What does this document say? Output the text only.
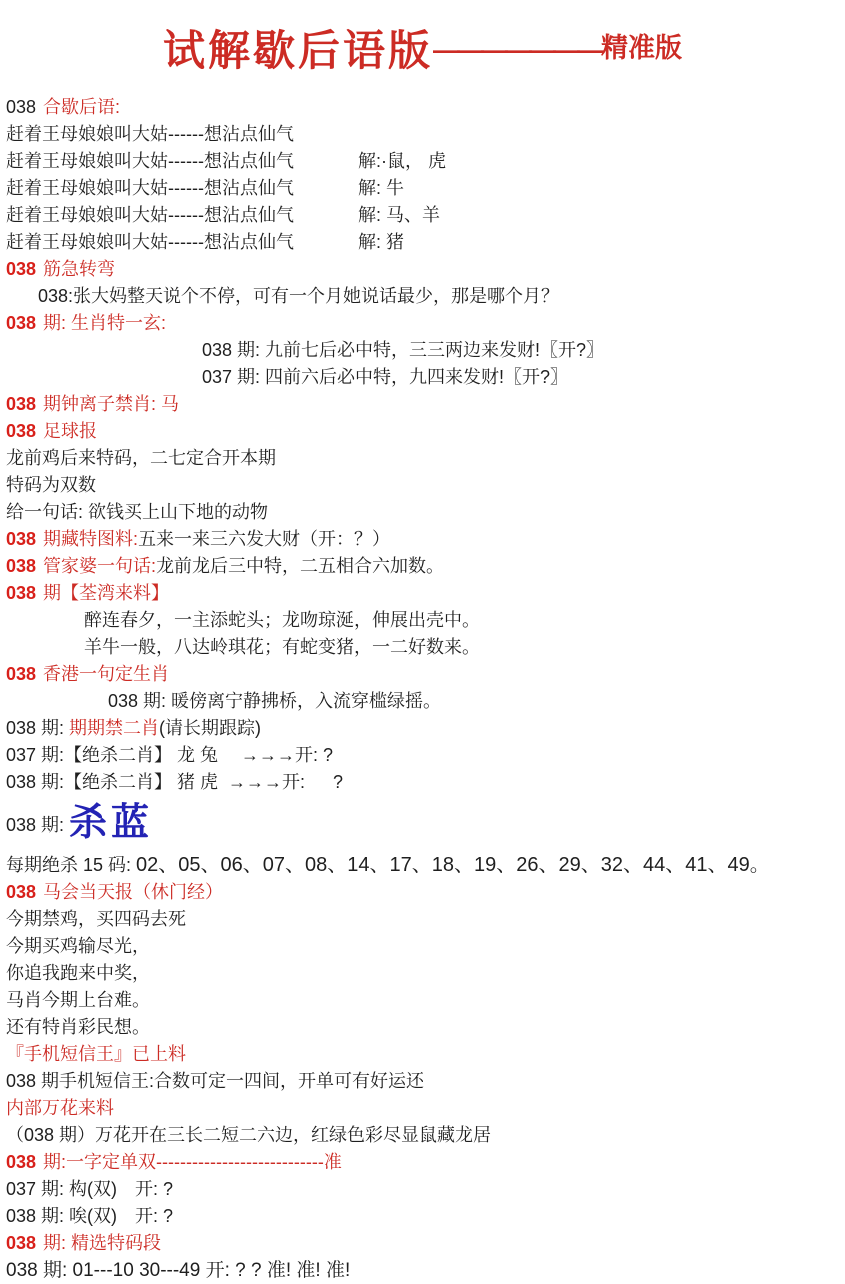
试解歇后语版———————精准版
038 合歇后语:
赶着王母娘娘叫大姑------想沾点仙气
赶着王母娘娘叫大姑------想沾点仙气	解:·鼠， 虎
赶着王母娘娘叫大姑------想沾点仙气	解: 牛
赶着王母娘娘叫大姑------想沾点仙气	解: 马、羊
赶着王母娘娘叫大姑------想沾点仙气	解: 猪
038 筋急转弯
038:张大妈整天说个不停，可有一个月她说话最少，那是哪个月？
038 期: 生肖特一玄:
038 期: 九前七后必中特，三三两边来发财!〖开?〗
037 期: 四前六后必中特，九四来发财!〖开?〗
038 期钟离子禁肖: 马
038 足球报
龙前鸡后来特码，二七定合开本期
特码为双数
给一句话: 欲钱买上山下地的动物
038 期藏特图料:五来一来三六发大财（开：？）
038 管家婆一句话:龙前龙后三中特，二五相合六加数。
038 期【荃湾来料】
醉连春夕，一主添蛇头；龙吻琼涎，伸展出壳中。
羊牛一般，八达岭琪花；有蛇变猪，一二好数来。
038 香港一句定生肖
038 期: 暖傍离宁静拂桥，入流穿槛绿摇。
038 期: 期期禁二肖(请长期跟踪)
037 期:【绝杀二肖】 龙 兔　 →→→开: ?
038 期:【绝杀二肖】 猪 虎  →→→开:　  ?
038 期: 杀蓝
每期绝杀 15 码: 02、05、06、07、08、14、17、18、19、26、29、32、44、41、49。
038 马会当天报（休门经）
今期禁鸡，买四码去死
今期买鸡输尽光，
你追我跑来中奖，
马肖今期上台难。
还有特肖彩民想。
『手机短信王』已上料
038 期手机短信王:合数可定一四间，开单可有好运还
内部万花来料
（038 期）万花开在三长二短二六边，红绿色彩尽显鼠藏龙居
038 期:一字定单双----------------------------准
037 期: 构(双)　开: ?
038 期: 唉(双)　开: ?
038 期: 精选特码段
038 期: 01---10 30---49 开: ? ? 准! 准! 准!
